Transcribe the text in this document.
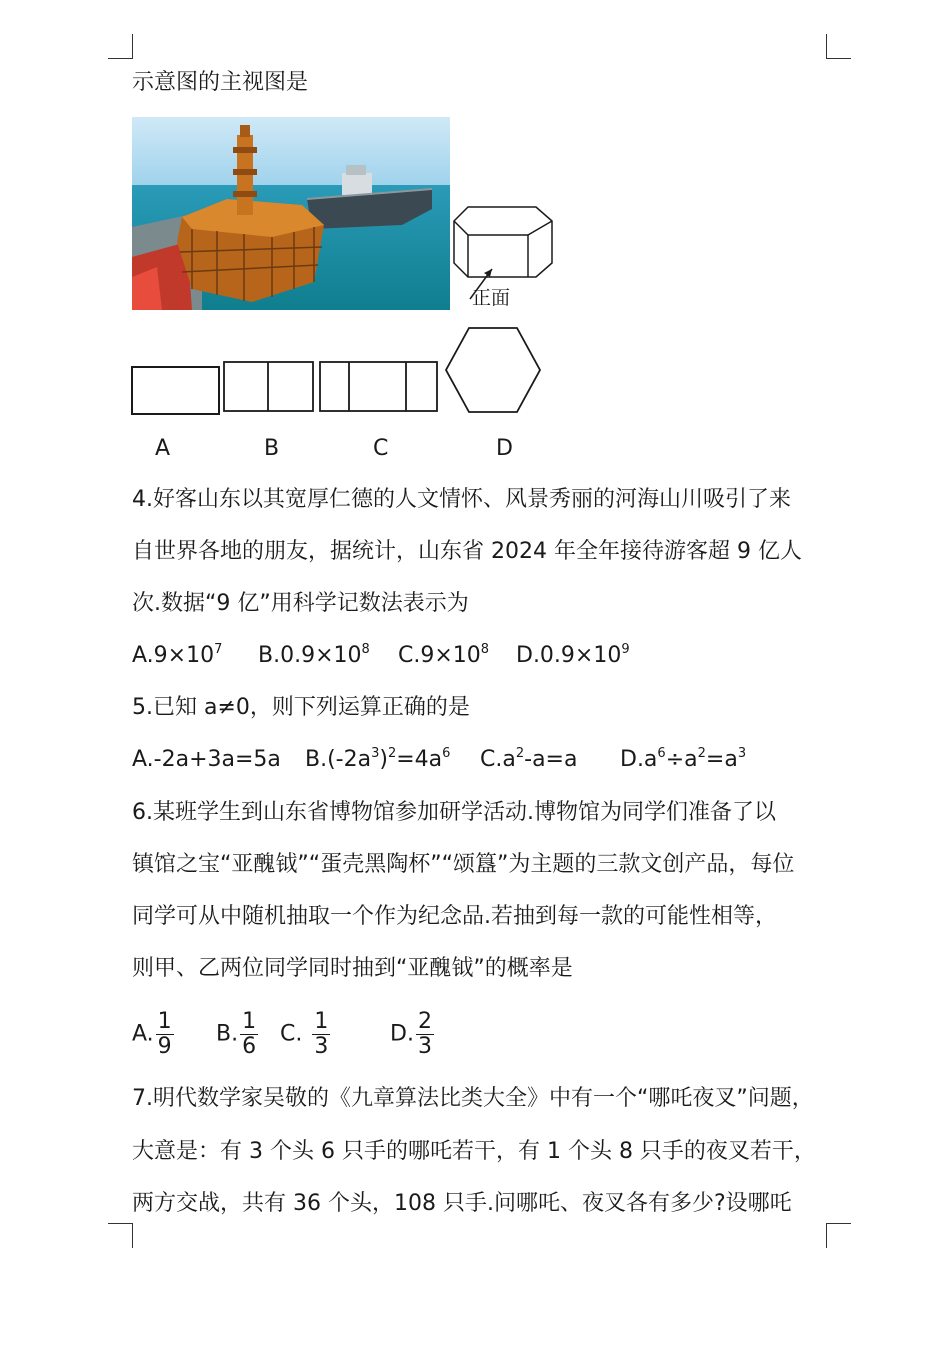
示意图的主视图是
正面
A	B	C	D
4.好客山东以其宽厚仁德的人文情怀、风景秀丽的河海山川吸引了来
自世界各地的朋友，据统计，山东省 2024 年全年接待游客超 9 亿人
次.数据“9 亿”用科学记数法表示为
$A.9\times 10^7$ $B.0.9\times 10^8$ $C.9\times 10^8$ $D.0.9\times 10^9$
5.已知 a≠0，则下列运算正确的是
A.-2a+3a=5a $B.(-2a^3)^2=4a^6$ $C.a^2-a=a$ $D.a^6\div a^2=a^3$
6.某班学生到山东省博物馆参加研学活动.博物馆为同学们准备了以
镇馆之宝“亚醜钺”“蛋壳黑陶杯”“颂簋”为主题的三款文创产品，每位
同学可从中随机抽取一个作为纪念品.若抽到每一款的可能性相等，
则甲、乙两位同学同时抽到“亚醜钺”的概率是
A. $\frac{1}{9} B$. $\frac{1}{6} C$. $\frac{1}{3}$	D. $\frac{2}{3}$
7.明代数学家吴敬的《九章算法比类大全》中有一个“哪吒夜叉”问题，
大意是：有 3 个头 6 只手的哪吒若干，有 1 个头 8 只手的夜叉若干，
两方交战，共有 36 个头，108 只手.问哪吒、夜叉各有多少?设哪吒
